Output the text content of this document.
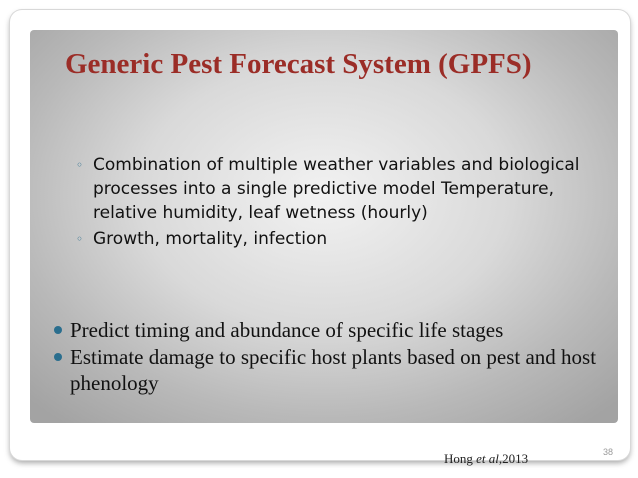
Generic Pest Forecast System (GPFS)
◦ Combination of multiple weather variables and biological processes into a single predictive model Temperature, relative humidity, leaf wetness (hourly)
◦ Growth, mortality, infection
Predict timing and abundance of specific life stages
Estimate damage to specific host plants based on pest and host phenology
38
Hong et al,2013
